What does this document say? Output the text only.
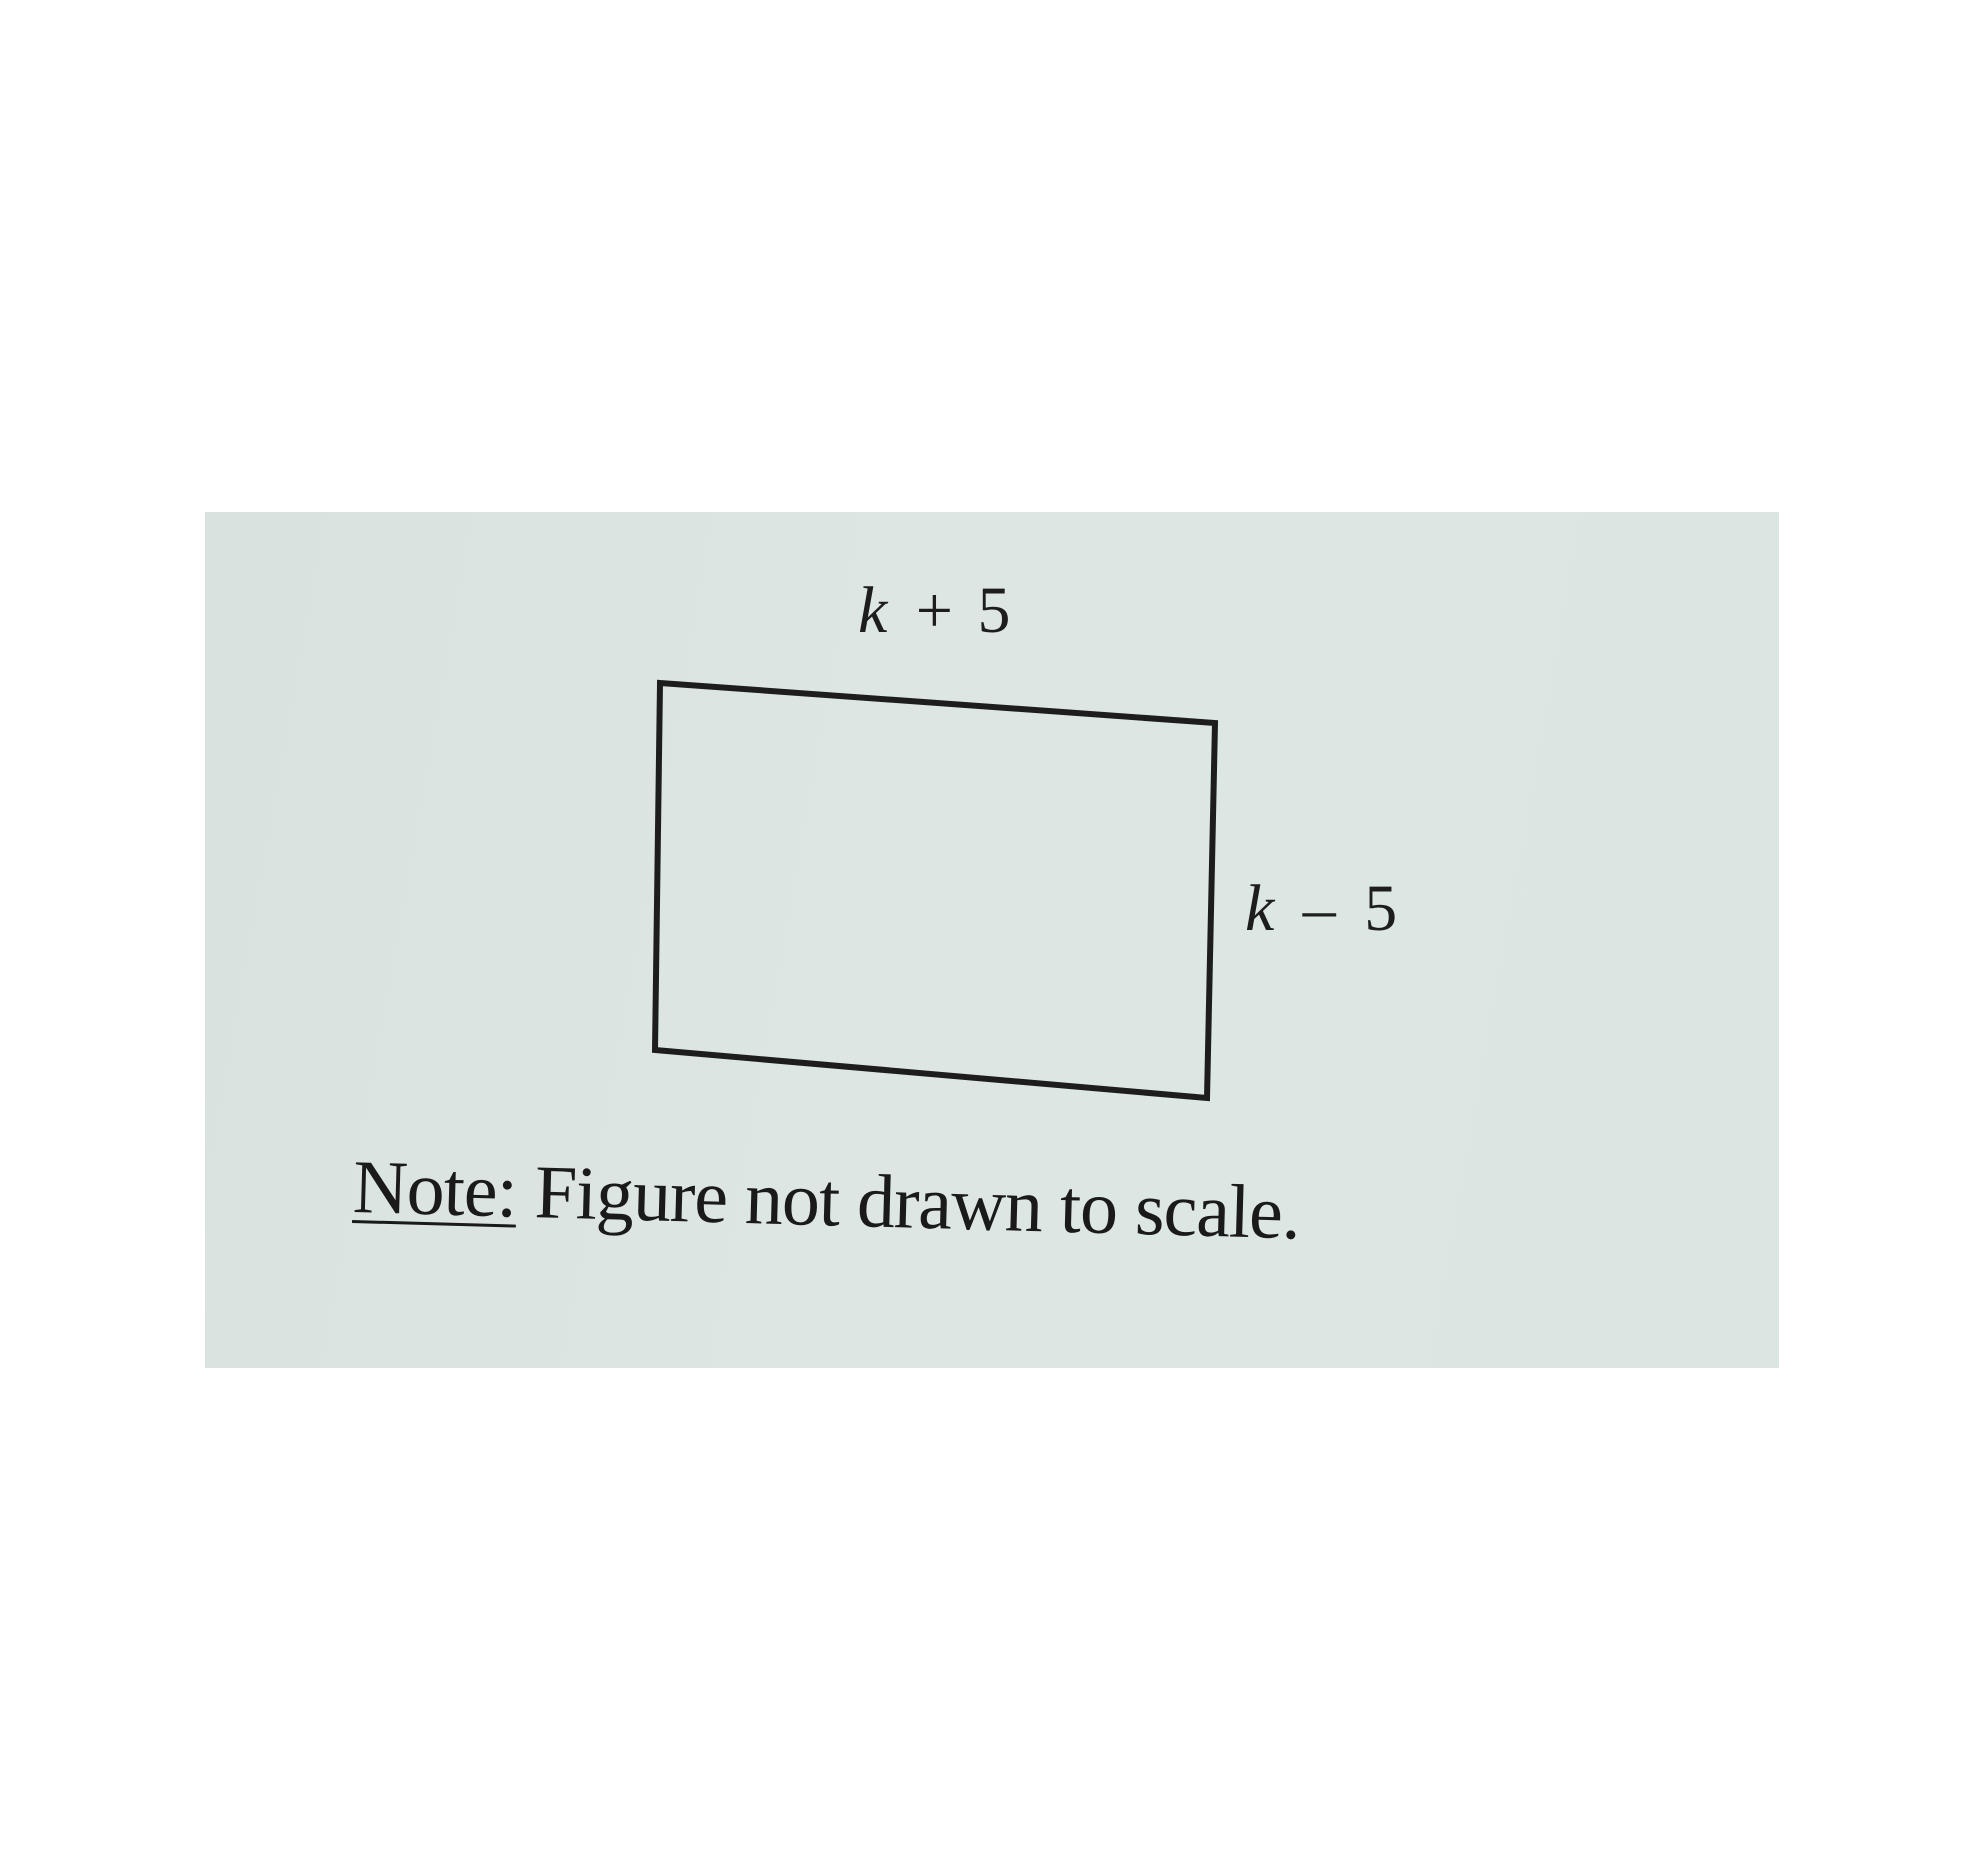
k + 5
k – 5

Note: Figure not drawn to scale.
